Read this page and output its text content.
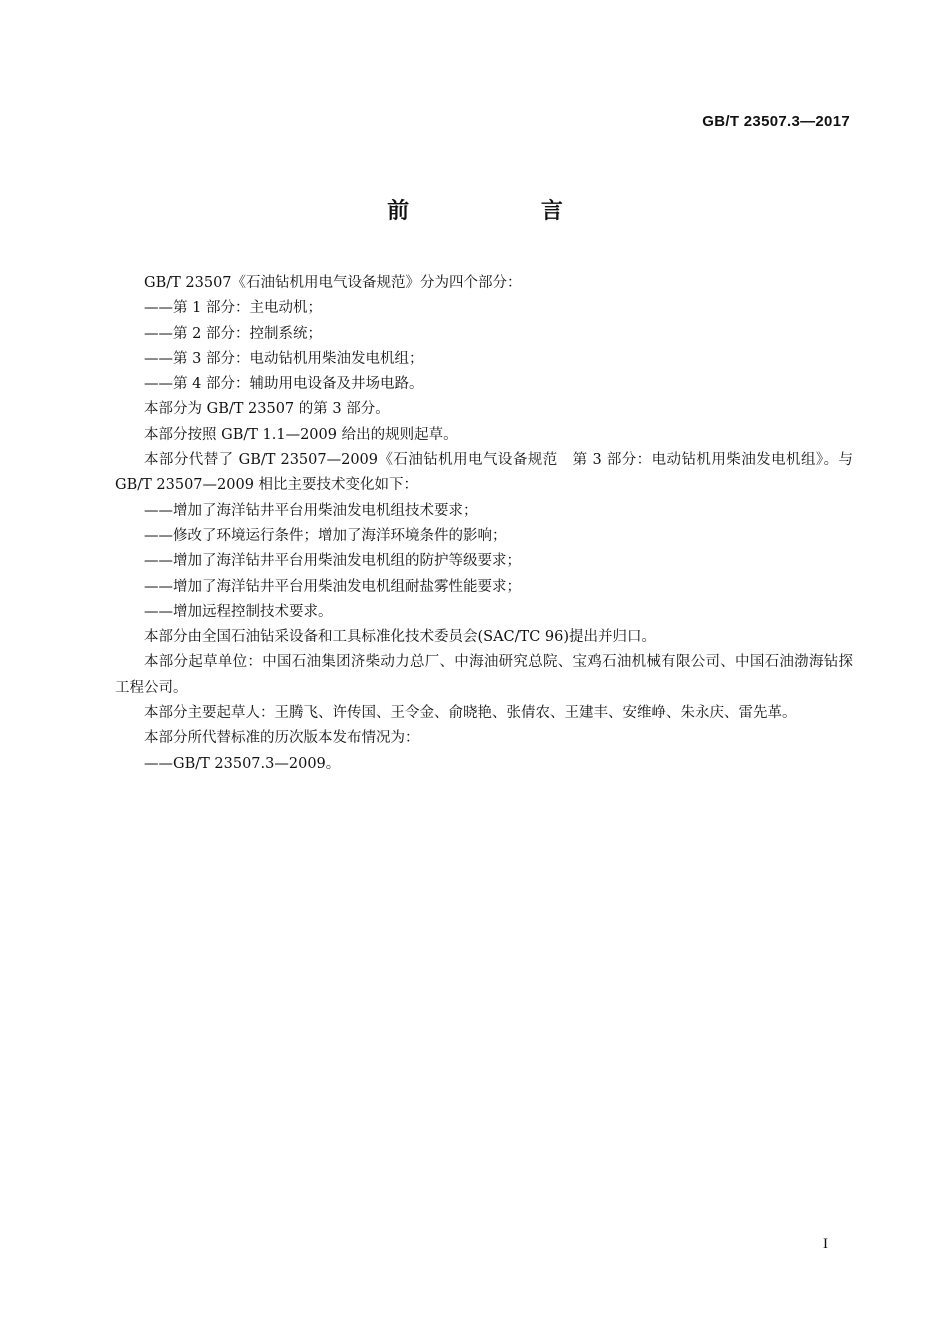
GB/T 23507.3—2017
前 言

GB/T 23507《石油钻机用电气设备规范》分为四个部分：

——第 1 部分：主电动机；

——第 2 部分：控制系统；

——第 3 部分：电动钻机用柴油发电机组；

——第 4 部分：辅助用电设备及井场电路。

本部分为 GB/T 23507 的第 3 部分。

本部分按照 GB/T 1.1—2009 给出的规则起草。

本部分代替了 GB/T 23507—2009《石油钻机用电气设备规范　第 3 部分：电动钻机用柴油发电机组》。与 GB/T 23507—2009 相比主要技术变化如下：

——增加了海洋钻井平台用柴油发电机组技术要求；

——修改了环境运行条件；增加了海洋环境条件的影响；

——增加了海洋钻井平台用柴油发电机组的防护等级要求；

——增加了海洋钻井平台用柴油发电机组耐盐雾性能要求；

——增加远程控制技术要求。

本部分由全国石油钻采设备和工具标准化技术委员会(SAC/TC 96)提出并归口。

本部分起草单位：中国石油集团济柴动力总厂、中海油研究总院、宝鸡石油机械有限公司、中国石油渤海钻探工程公司。

本部分主要起草人：王腾飞、许传国、王令金、俞晓艳、张倩农、王建丰、安维峥、朱永庆、雷先革。

本部分所代替标准的历次版本发布情况为：

——GB/T 23507.3—2009。

I
